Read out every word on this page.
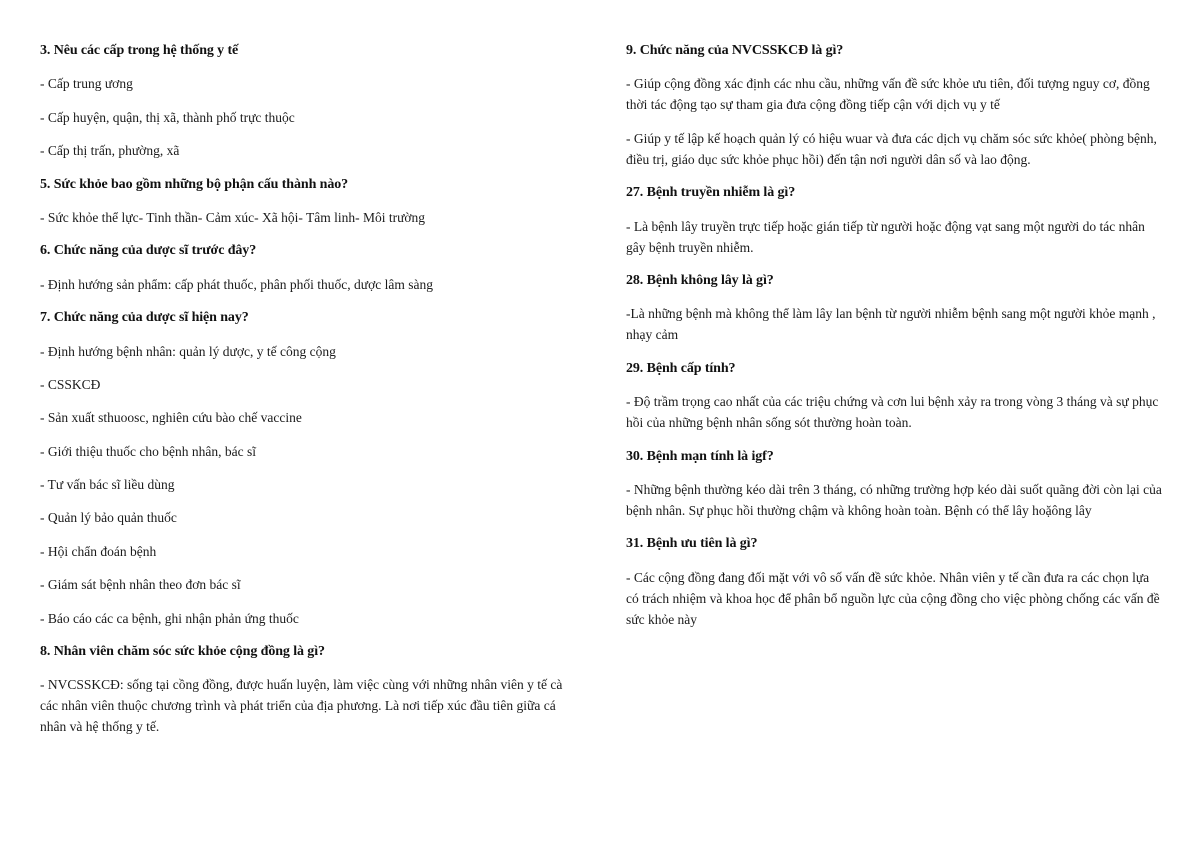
3. Nêu các cấp trong hệ thống y tế
- Cấp trung ương
- Cấp huyện, quận, thị xã, thành phố trực thuộc
- Cấp thị trấn, phường, xã
5. Sức khỏe bao gồm những bộ phận cấu thành nào?
- Sức khỏe thể lực- Tinh thần- Cảm xúc- Xã hội- Tâm linh- Môi trường
6. Chức năng của dược sĩ trước đây?
- Định hướng sản phẩm: cấp phát thuốc, phân phối thuốc, dược lâm sàng
7. Chức năng của dược sĩ hiện nay?
- Định hướng bệnh nhân: quản lý dược, y tế công cộng
- CSSKCĐ
- Sản xuất sthuoosc, nghiên cứu bào chế vaccine
- Giới thiệu thuốc cho bệnh nhân, bác sĩ
- Tư vấn bác sĩ liều dùng
- Quản lý bảo quản thuốc
- Hội chẩn đoán bệnh
- Giám sát bệnh nhân theo đơn bác sĩ
- Báo cáo các ca bệnh, ghi nhận phản ứng thuốc
8. Nhân viên chăm sóc sức khỏe cộng đồng là gì?
- NVCSSKCĐ: sống tại cồng đồng, được huấn luyện, làm việc cùng với những nhân viên y tế cà các nhân viên thuộc chương trình và phát triển của địa phương. Là nơi tiếp xúc đầu tiên giữa cá nhân và hệ thống y tế.
9. Chức năng của NVCSSKCĐ là gì?
- Giúp cộng đồng xác định các nhu cầu, những vấn đề sức khỏe ưu tiên, đối tượng nguy cơ, đồng thời tác động tạo sự tham gia đưa cộng đồng tiếp cận với dịch vụ y tế
- Giúp y tế lập kế hoạch quản lý có hiệu wuar và đưa các dịch vụ chăm sóc sức khỏe( phòng bệnh, điều trị, giáo dục sức khỏe phục hồi) đến tận nơi người dân số và lao động.
27. Bệnh truyền nhiễm là gì?
- Là bệnh lây truyền trực tiếp hoặc gián tiếp từ người hoặc động vạt sang một người do tác nhân gây bệnh truyền nhiễm.
28. Bệnh không lây là gì?
-Là những bệnh mà không thể làm lây lan bệnh từ người nhiễm bệnh sang một người khỏe mạnh , nhạy cảm
29. Bệnh cấp tính?
- Độ trầm trọng cao nhất của các triệu chứng và cơn lui bệnh xảy ra trong vòng 3 tháng và sự phục hồi của những bệnh nhân sống sót thường hoàn toàn.
30. Bệnh mạn tính là igf?
- Những bệnh thường kéo dài trên 3 tháng, có những trường hợp kéo dài suốt quãng đời còn lại của bệnh nhân. Sự phục hồi thường chậm và không hoàn toàn. Bệnh có thể lây hoặông lây
31. Bệnh ưu tiên là gì?
- Các cộng đồng đang đối mặt với vô số vấn đề sức khỏe. Nhân viên y tế cần đưa ra các chọn lựa có trách nhiệm và khoa học để phân bổ nguồn lực của cộng đồng cho việc phòng chống các vấn đề sức khỏe này
